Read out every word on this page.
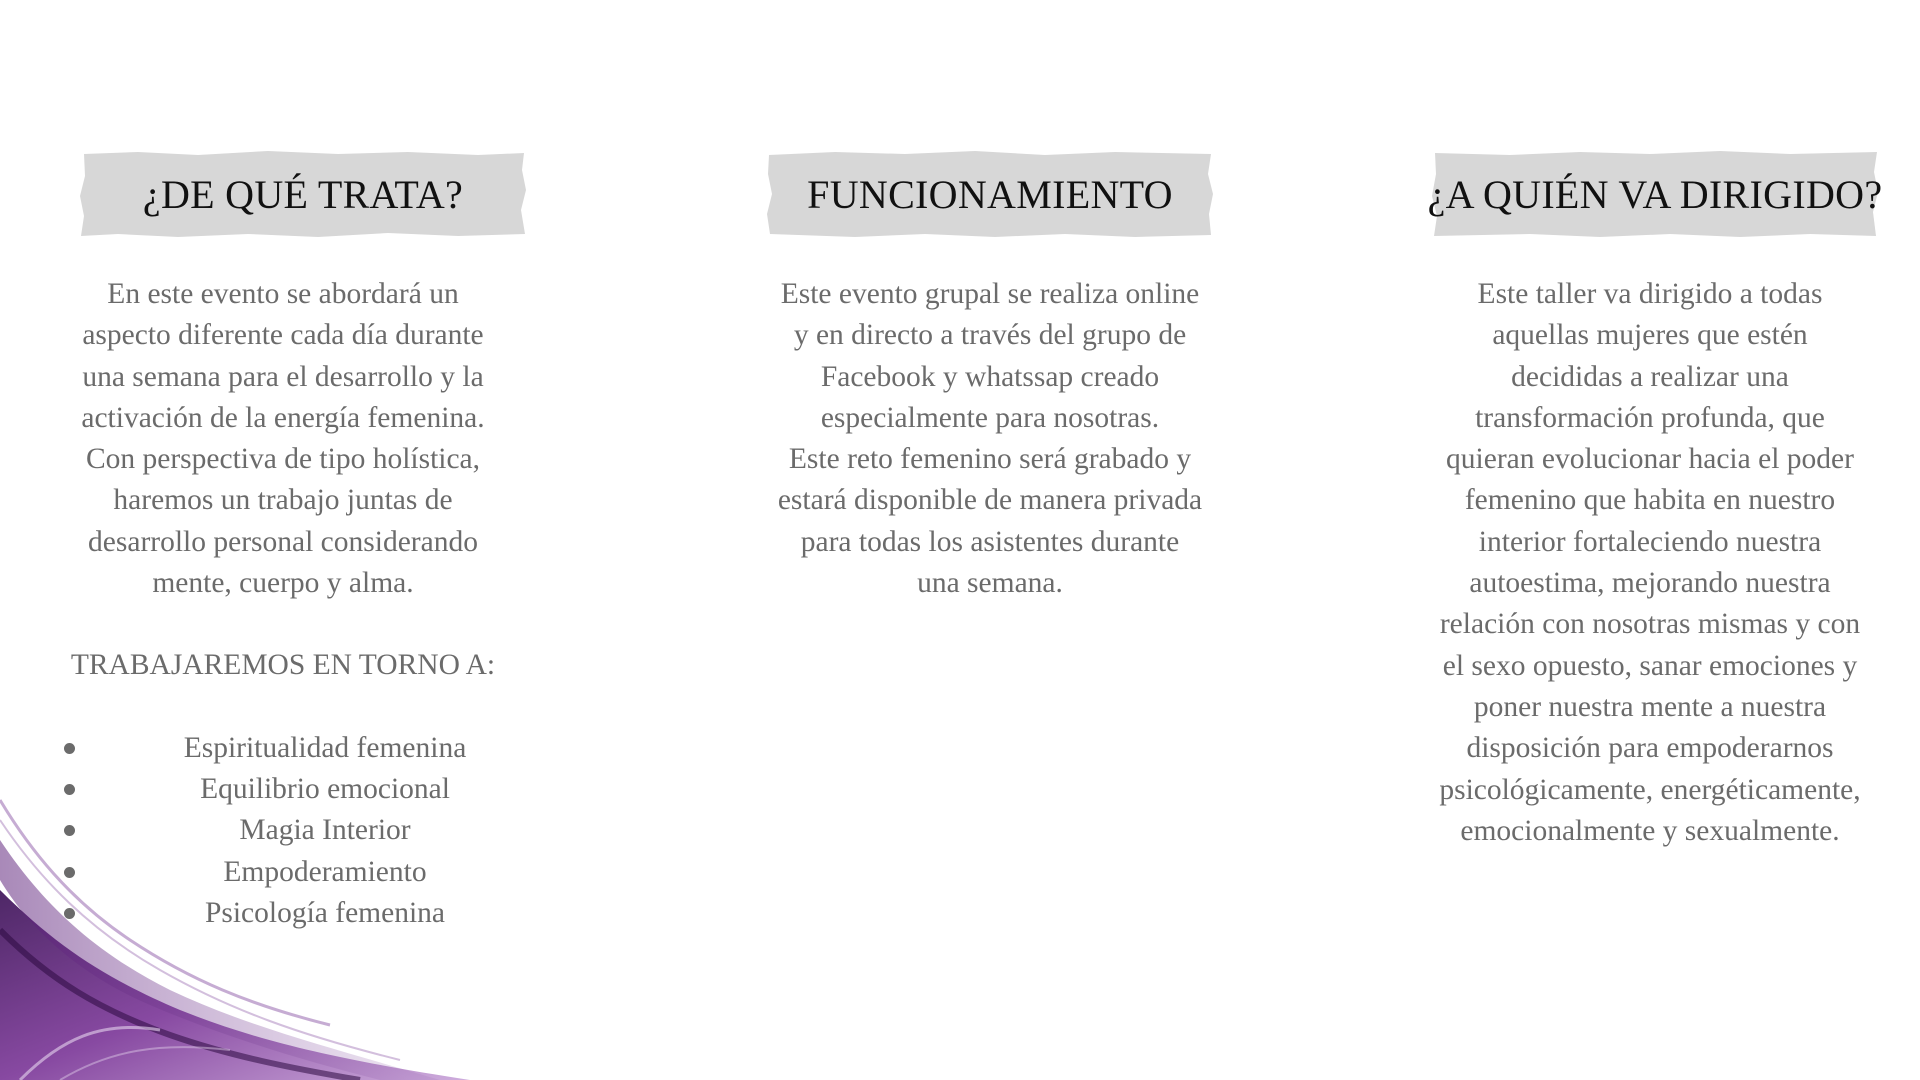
¿DE QUÉ TRATA?

En este evento se abordará un
aspecto diferente cada día durante
una semana para el desarrollo y la
activación de la energía femenina.
Con perspectiva de tipo holística,
haremos un trabajo juntas de
desarrollo personal considerando
mente, cuerpo y alma.

TRABAJAREMOS EN TORNO A:
Espiritualidad femenina
Equilibrio emocional
Magia Interior
Empoderamiento
Psicología femenina
FUNCIONAMIENTO

Este evento grupal se realiza online
y en directo a través del grupo de
Facebook y whatssap creado
especialmente para nosotras.
Este reto femenino será grabado y
estará disponible de manera privada
para todas los asistentes durante
una semana.

¿A QUIÉN VA DIRIGIDO?

Este taller va dirigido a todas
aquellas mujeres que estén
decididas a realizar una
transformación profunda, que
quieran evolucionar hacia el poder
femenino que habita en nuestro
interior fortaleciendo nuestra
autoestima, mejorando nuestra
relación con nosotras mismas y con
el sexo opuesto, sanar emociones y
poner nuestra mente a nuestra
disposición para empoderarnos
psicológicamente, energéticamente,
emocionalmente y sexualmente.
